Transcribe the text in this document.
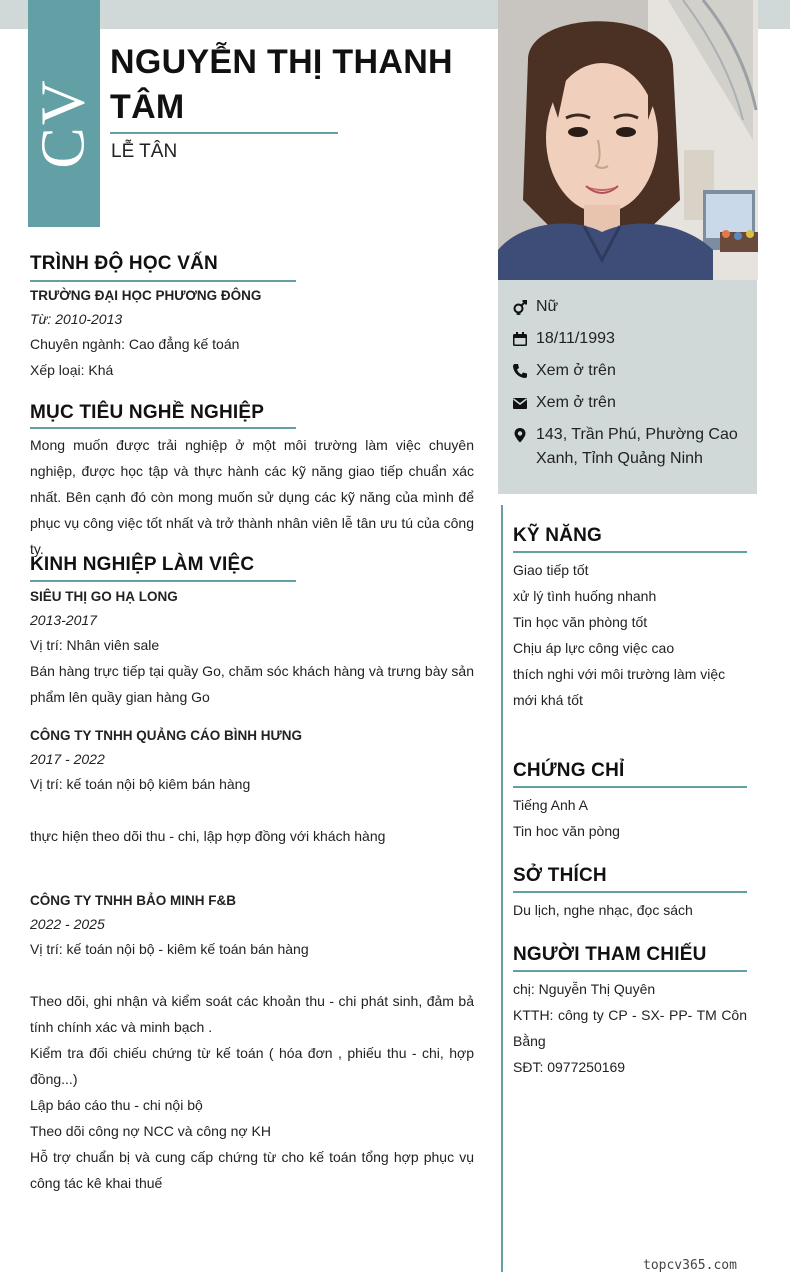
CV
NGUYỄN THỊ THANH TÂM
LỄ TÂN
Nữ
18/11/1993
Xem ở trên
Xem ở trên
143, Trần Phú, Phường Cao Xanh, Tỉnh Quảng Ninh
TRÌNH ĐỘ HỌC VẤN
TRƯỜNG ĐẠI HỌC PHƯƠNG ĐÔNG
Từ: 2010-2013
Chuyên ngành: Cao đẳng kế toán
Xếp loại: Khá
MỤC TIÊU NGHỀ NGHIỆP
Mong muốn được trải nghiệp ở một môi trường làm việc chuyên nghiệp, được học tập và thực hành các kỹ năng giao tiếp chuẩn xác nhất. Bên cạnh đó còn mong muốn sử dụng các kỹ năng của mình để phục vụ công việc tốt nhất và trở thành nhân viên lễ tân ưu tú của công ty.
KINH NGHIỆP LÀM VIỆC
SIÊU THỊ GO HẠ LONG
2013-2017
Vị trí: Nhân viên sale
Bán hàng trực tiếp tại quầy Go, chăm sóc khách hàng và trưng bày sản phẩm lên quầy gian hàng Go
CÔNG TY TNHH QUẢNG CÁO BÌNH HƯNG
2017 - 2022
Vị trí: kế toán nội bộ kiêm bán hàng
thực hiện theo dõi thu - chi, lập hợp đồng với khách hàng
CÔNG TY TNHH BẢO MINH F&B
2022 - 2025
Vị trí: kế toán nội bộ - kiêm kế toán bán hàng
Theo dõi, ghi nhận và kiểm soát các khoản thu - chi phát sinh, đảm bả tính chính xác và minh bạch .
Kiểm tra đối chiếu chứng từ kế toán ( hóa đơn , phiếu thu - chi, hợp đồng...)
Lập báo cáo thu - chi nội bộ
Theo dõi công nợ NCC và công nợ KH
Hỗ trợ chuẩn bị và cung cấp chứng từ cho kế toán tổng hợp phục vụ công tác kê khai thuế
KỸ NĂNG
Giao tiếp tốt
xử lý tình huống nhanh
Tin học văn phòng tốt
Chịu áp lực công việc cao
thích nghi với môi trường làm việc mới khá tốt
CHỨNG CHỈ
Tiếng Anh A
Tin hoc văn pòng
SỞ THÍCH
Du lịch, nghe nhạc, đọc sách
NGƯỜI THAM CHIẾU
chị: Nguyễn Thị Quyên
KTTH: công ty CP - SX- PP- TM Côn Bằng
SĐT: 0977250169
topcv365.com
